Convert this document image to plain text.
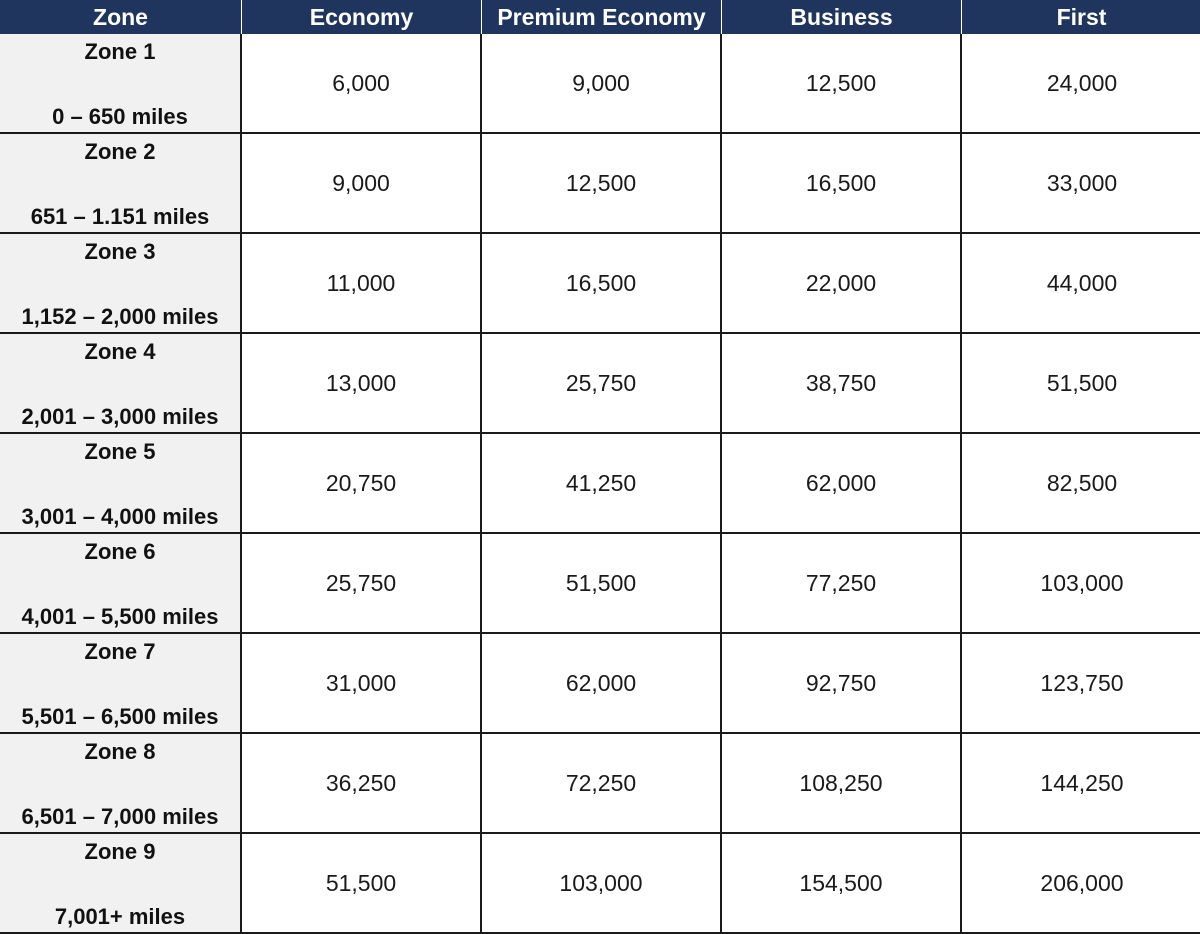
Zone	Economy	Premium Economy	Business	First
Zone 1
0 – 650 miles
6,000	9,000	12,500	24,000
Zone 2
651 – 1.151 miles
9,000	12,500	16,500	33,000
Zone 3
1,152 – 2,000 miles
11,000	16,500	22,000	44,000
Zone 4
2,001 – 3,000 miles
13,000	25,750	38,750	51,500
Zone 5
3,001 – 4,000 miles
20,750	41,250	62,000	82,500
Zone 6
4,001 – 5,500 miles
25,750	51,500	77,250	103,000
Zone 7
5,501 – 6,500 miles
31,000	62,000	92,750	123,750
Zone 8
6,501 – 7,000 miles
36,250	72,250	108,250	144,250
Zone 9
7,001+ miles
51,500	103,000	154,500	206,000
